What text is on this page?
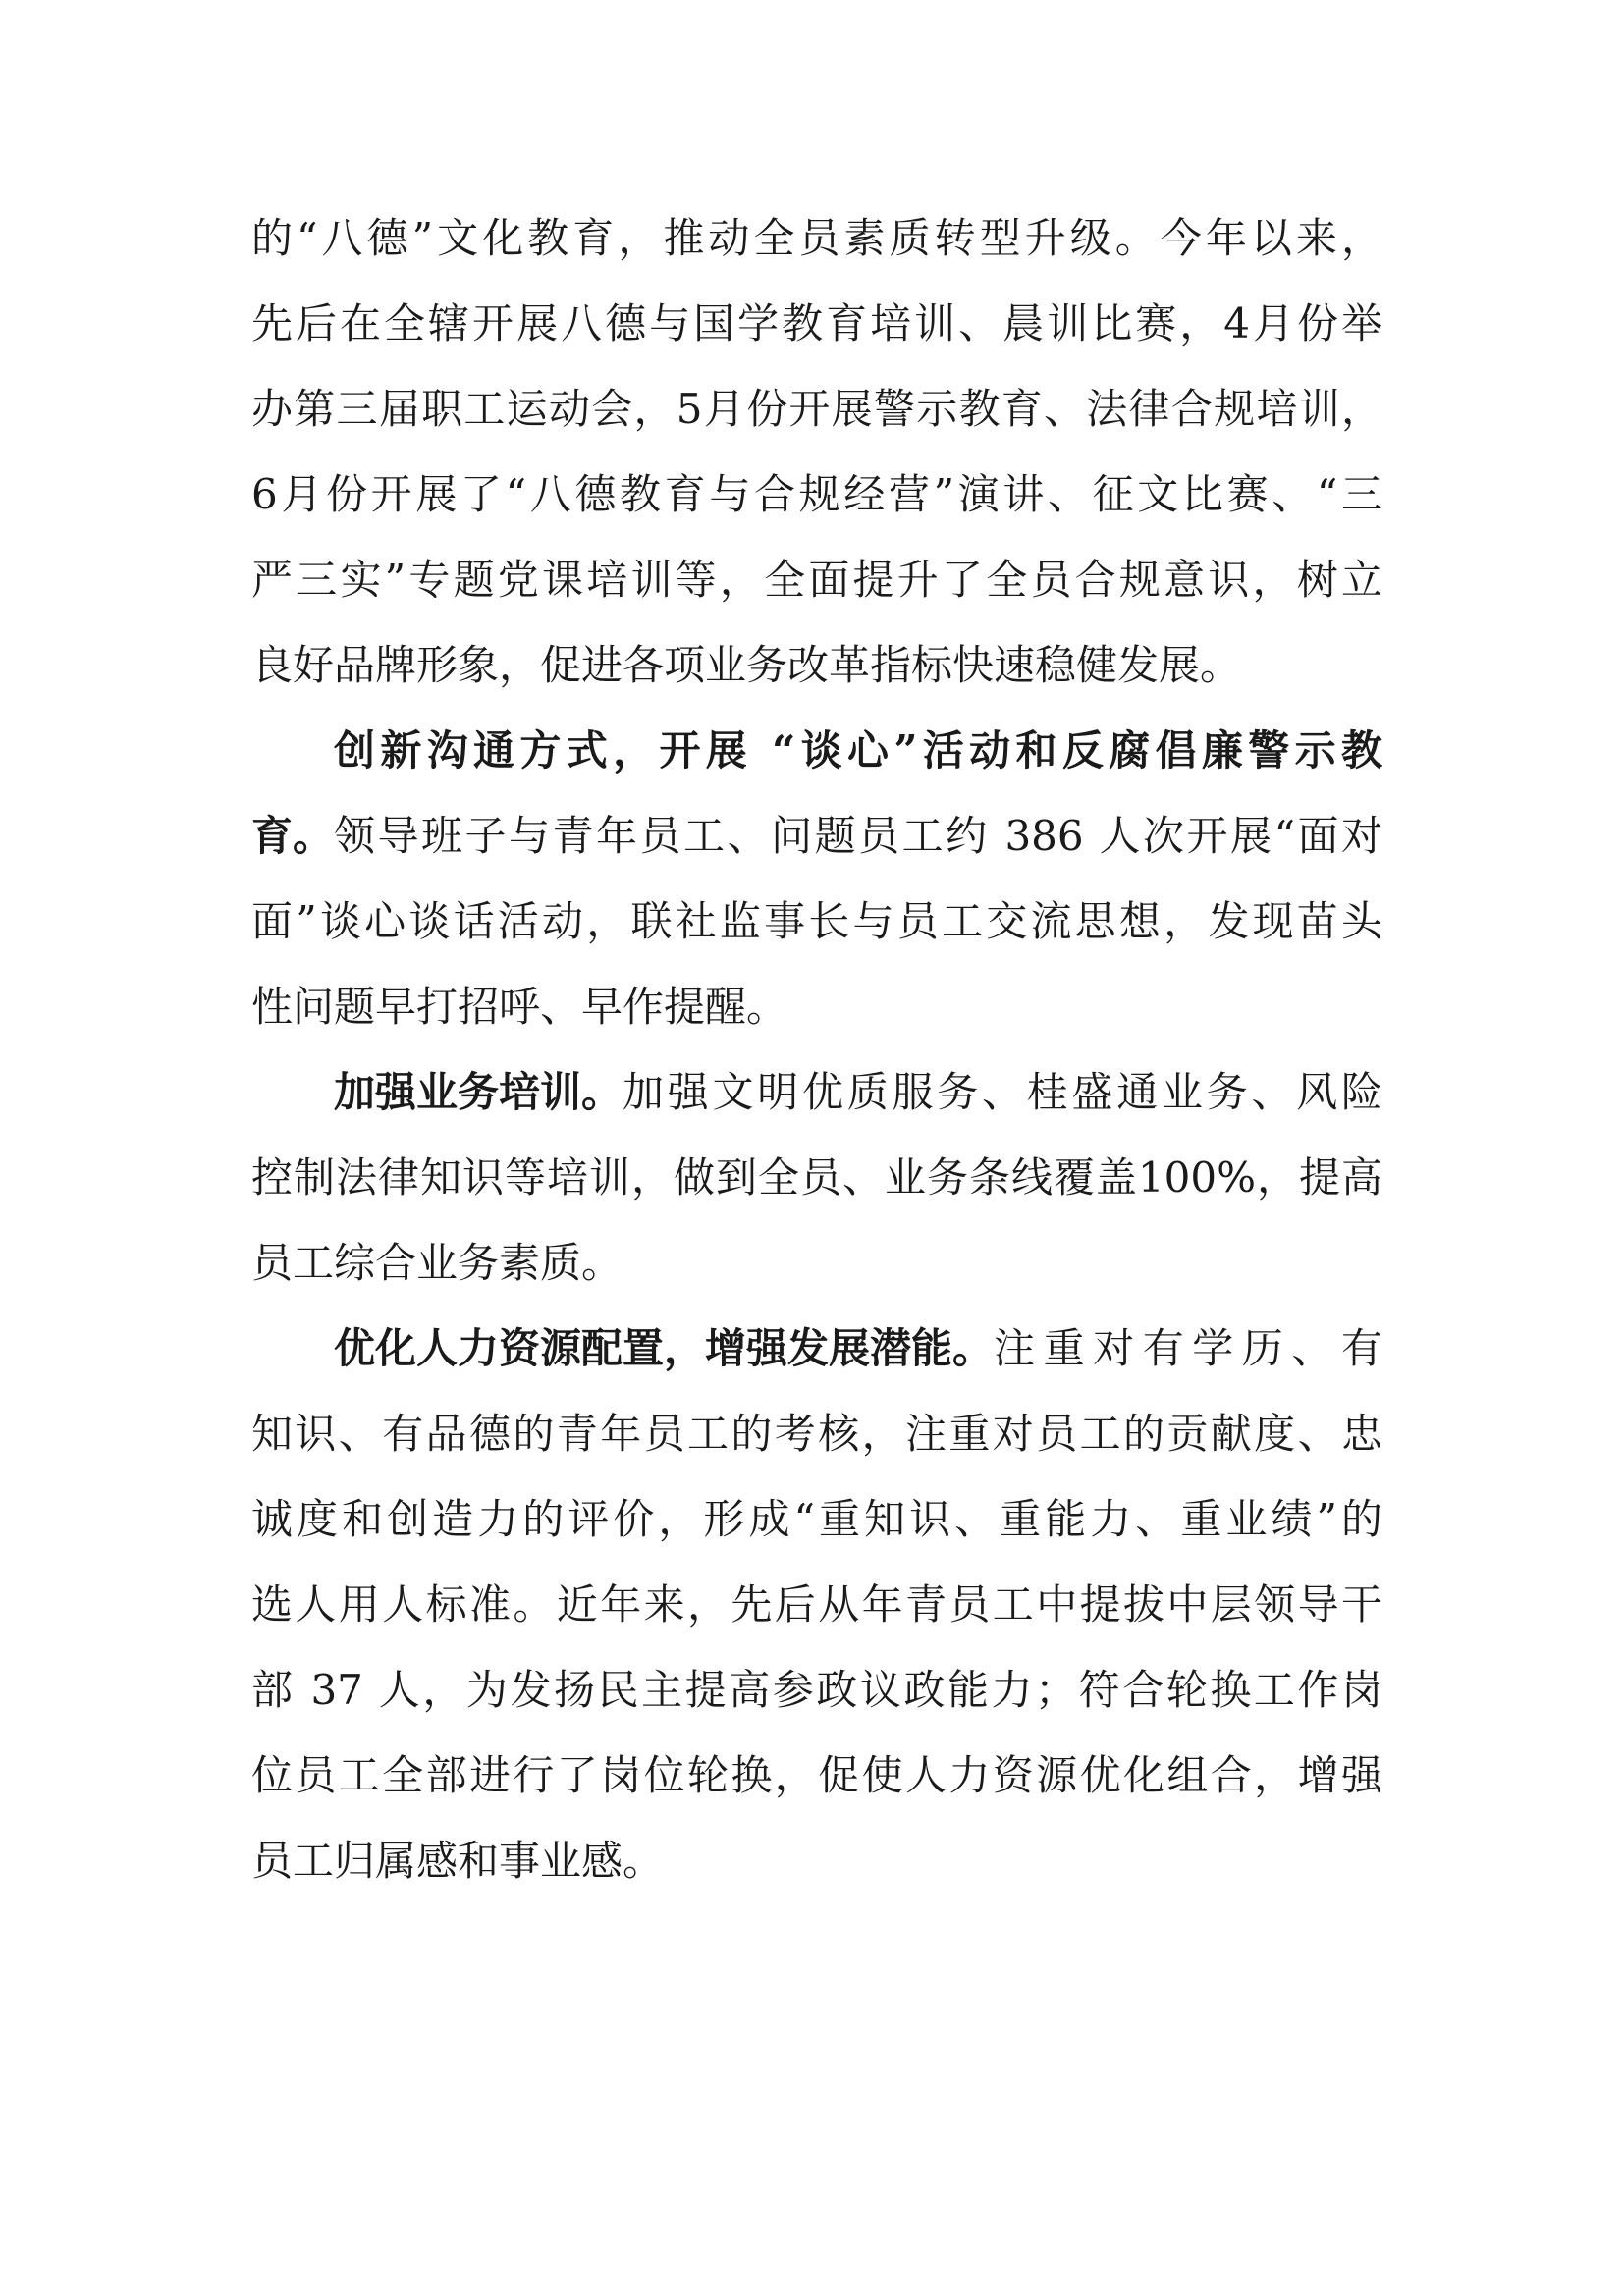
的“八德”文化教育，推动全员素质转型升级。今年以来，
先后在全辖开展八德与国学教育培训、晨训比赛，4月份举
办第三届职工运动会，5月份开展警示教育、法律合规培训，
6月份开展了“八德教育与合规经营”演讲、征文比赛、“三
严三实”专题党课培训等，全面提升了全员合规意识，树立
良好品牌形象，促进各项业务改革指标快速稳健发展。
创新沟通方式，开展 “谈心”活动和反腐倡廉警示教
育。 领导班子与青年员工、问题员工约 386 人次开展“面对
面”谈心谈话活动，联社监事长与员工交流思想，发现苗头
性问题早打招呼、早作提醒。
加强业务培训。 加强文明优质服务、桂盛通业务、风险
控制法律知识等培训，做到全员、业务条线覆盖100%，提高
员工综合业务素质。
优化人力资源配置，增强发展潜能。 注重对有学历、有
知识、有品德的青年员工的考核，注重对员工的贡献度、忠
诚度和创造力的评价，形成“重知识、重能力、重业绩”的
选人用人标准。近年来，先后从年青员工中提拔中层领导干
部 37 人，为发扬民主提高参政议政能力；符合轮换工作岗
位员工全部进行了岗位轮换，促使人力资源优化组合，增强
员工归属感和事业感。
